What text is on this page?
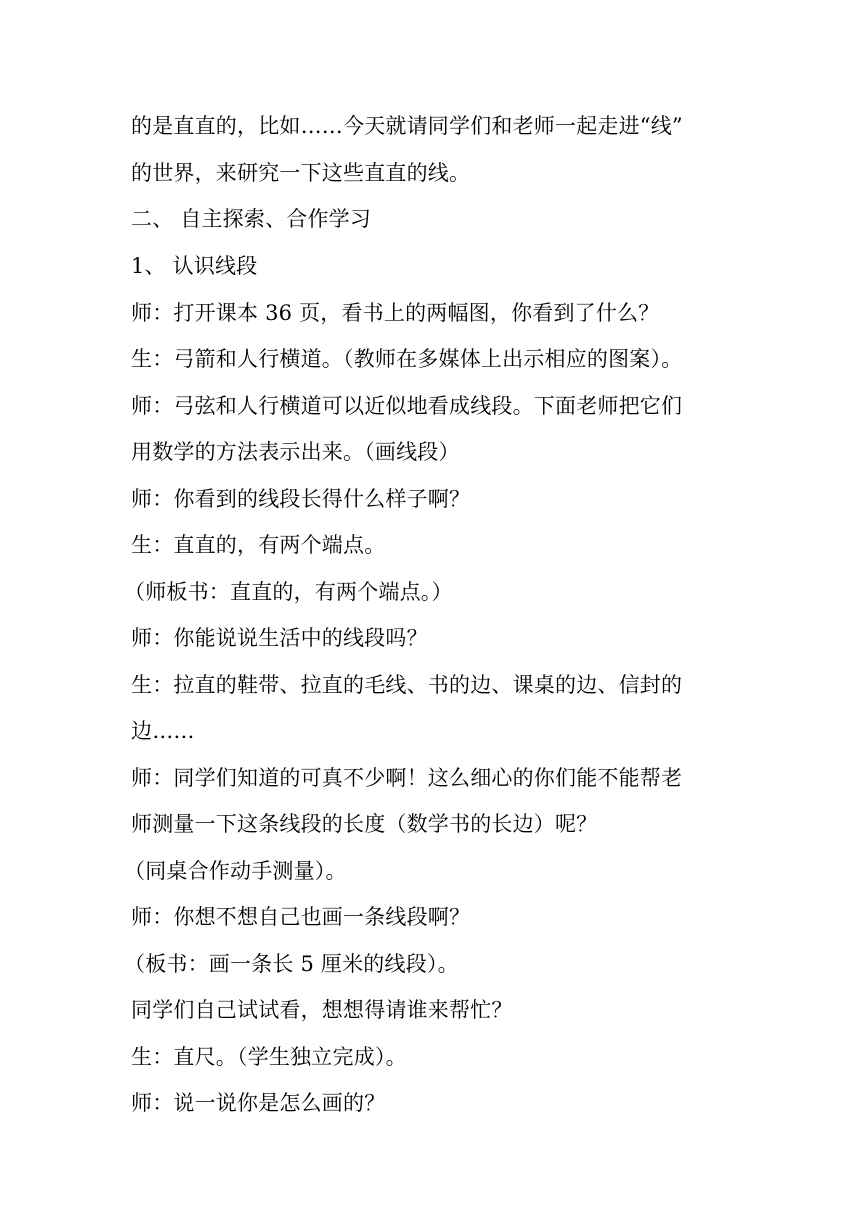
的是直直的，比如……今天就请同学们和老师一起走进“线”
的世界，来研究一下这些直直的线。
二、 自主探索、合作学习
1、 认识线段
师：打开课本 36 页，看书上的两幅图，你看到了什么？
生：弓箭和人行横道。（教师在多媒体上出示相应的图案）。
师：弓弦和人行横道可以近似地看成线段。下面老师把它们
用数学的方法表示出来。（画线段）
师：你看到的线段长得什么样子啊？
生：直直的，有两个端点。
（师板书：直直的，有两个端点。）
师：你能说说生活中的线段吗？
生：拉直的鞋带、拉直的毛线、书的边、课桌的边、信封的
边……
师：同学们知道的可真不少啊！这么细心的你们能不能帮老
师测量一下这条线段的长度（数学书的长边）呢？
（同桌合作动手测量）。
师：你想不想自己也画一条线段啊？
（板书：画一条长 5 厘米的线段）。
同学们自己试试看，想想得请谁来帮忙？
生：直尺。（学生独立完成）。
师：说一说你是怎么画的？
